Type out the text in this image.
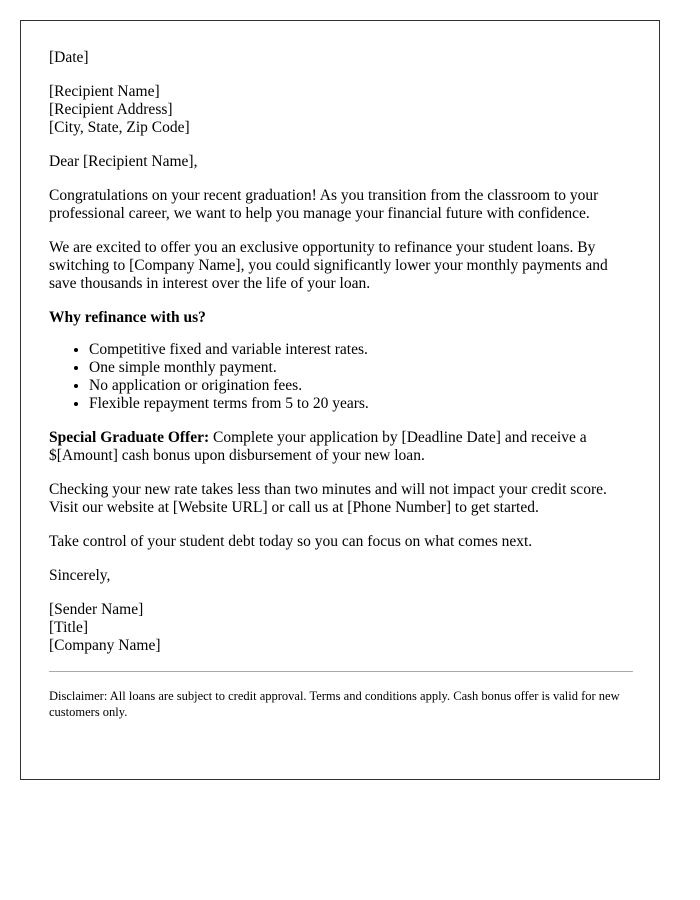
[Date]
[Recipient Name]
[Recipient Address]
[City, State, Zip Code]

Dear [Recipient Name],

Congratulations on your recent graduation! As you transition from the classroom to your professional career, we want to help you manage your financial future with confidence.

We are excited to offer you an exclusive opportunity to refinance your student loans. By switching to [Company Name], you could significantly lower your monthly payments and save thousands in interest over the life of your loan.

Why refinance with us?
• Competitive fixed and variable interest rates.
• One simple monthly payment.
• No application or origination fees.
• Flexible repayment terms from 5 to 20 years.

Special Graduate Offer: Complete your application by [Deadline Date] and receive a $[Amount] cash bonus upon disbursement of your new loan.

Checking your new rate takes less than two minutes and will not impact your credit score. Visit our website at [Website URL] or call us at [Phone Number] to get started.

Take control of your student debt today so you can focus on what comes next.

Sincerely,

[Sender Name]
[Title]
[Company Name]

Disclaimer: All loans are subject to credit approval. Terms and conditions apply. Cash bonus offer is valid for new customers only.
